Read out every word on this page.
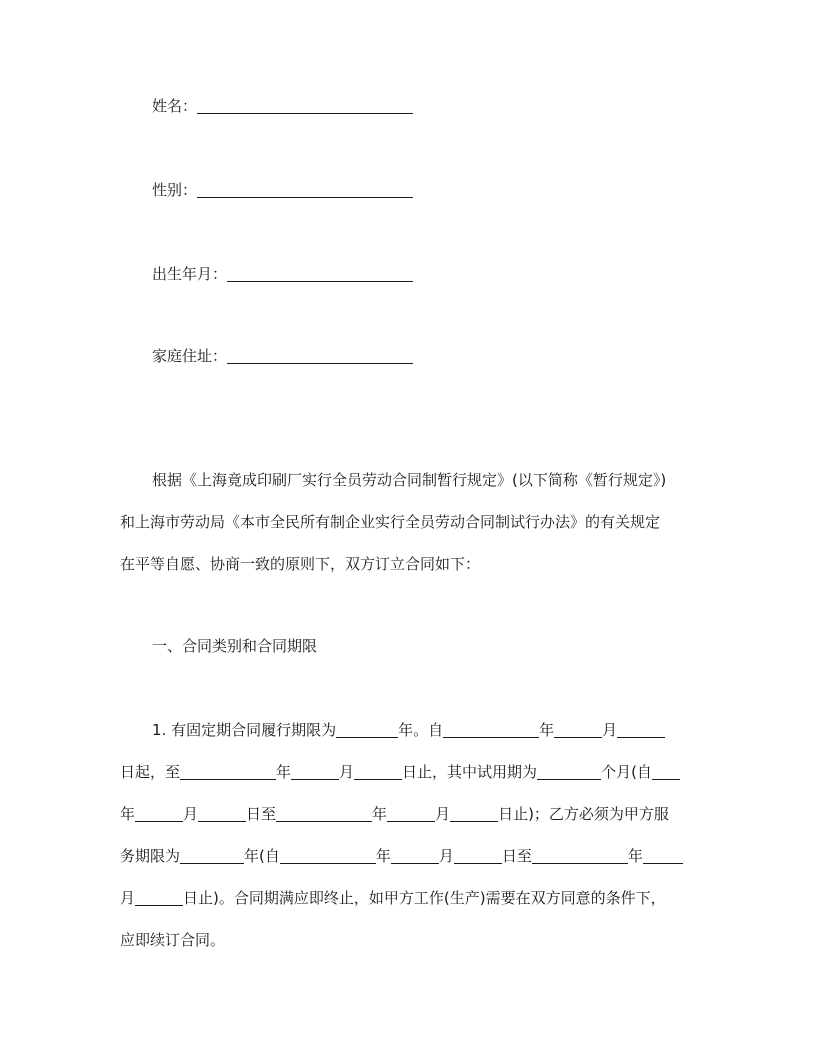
姓名：
性别：
出生年月：
家庭住址：
根据《上海竟成印刷厂实行全员劳动合同制暂行规定》(以下简称《暂行规定》)
和上海市劳动局《本市全民所有制企业实行全员劳动合同制试行办法》的有关规定
在平等自愿、协商一致的原则下，双方订立合同如下：
一、合同类别和合同期限
1. 有固定期合同履行期限为	年。自	年	月
日起，至	年	月	日止，其中试用期为	个月(自
年	月	日至	年	月	日止)；乙方必须为甲方服
务期限为	年(自	年	月	日至	年
月	日止)。合同期满应即终止，如甲方工作(生产)需要在双方同意的条件下，
应即续订合同。
